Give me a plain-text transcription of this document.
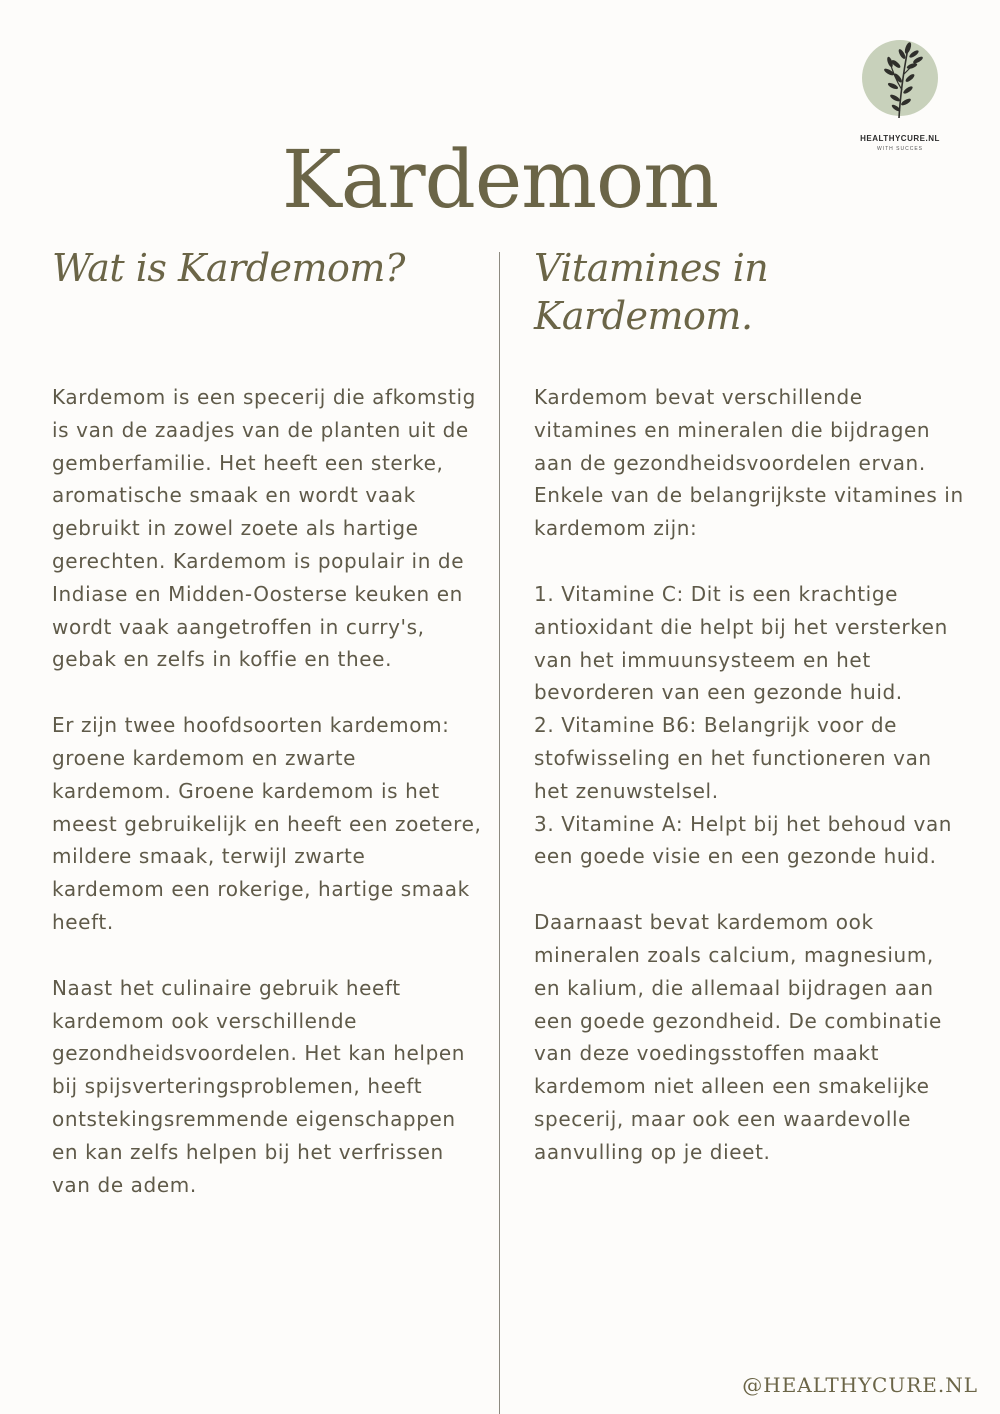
Kardemom	HEALTHYCURE.NL
WITH SUCCES
Wat is Kardemom?

Kardemom is een specerij die afkomstig is van de zaadjes van de planten uit de gemberfamilie. Het heeft een sterke, aromatische smaak en wordt vaak gebruikt in zowel zoete als hartige gerechten. Kardemom is populair in de Indiase en Midden-Oosterse keuken en wordt vaak aangetroffen in curry's, gebak en zelfs in koffie en thee.

Er zijn twee hoofdsoorten kardemom: groene kardemom en zwarte kardemom. Groene kardemom is het meest gebruikelijk en heeft een zoetere, mildere smaak, terwijl zwarte kardemom een rokerige, hartige smaak heeft.

Naast het culinaire gebruik heeft kardemom ook verschillende gezondheidsvoordelen. Het kan helpen bij spijsverteringsproblemen, heeft ontstekingsremmende eigenschappen en kan zelfs helpen bij het verfrissen van de adem.

Vitamines in Kardemom.

Kardemom bevat verschillende vitamines en mineralen die bijdragen aan de gezondheidsvoordelen ervan. Enkele van de belangrijkste vitamines in kardemom zijn:

1. Vitamine C: Dit is een krachtige antioxidant die helpt bij het versterken van het immuunsysteem en het bevorderen van een gezonde huid.
2. Vitamine B6: Belangrijk voor de stofwisseling en het functioneren van het zenuwstelsel.
3. Vitamine A: Helpt bij het behoud van een goede visie en een gezonde huid.

Daarnaast bevat kardemom ook mineralen zoals calcium, magnesium, en kalium, die allemaal bijdragen aan een goede gezondheid. De combinatie van deze voedingsstoffen maakt kardemom niet alleen een smakelijke specerij, maar ook een waardevolle aanvulling op je dieet.

@HEALTHYCURE.NL
